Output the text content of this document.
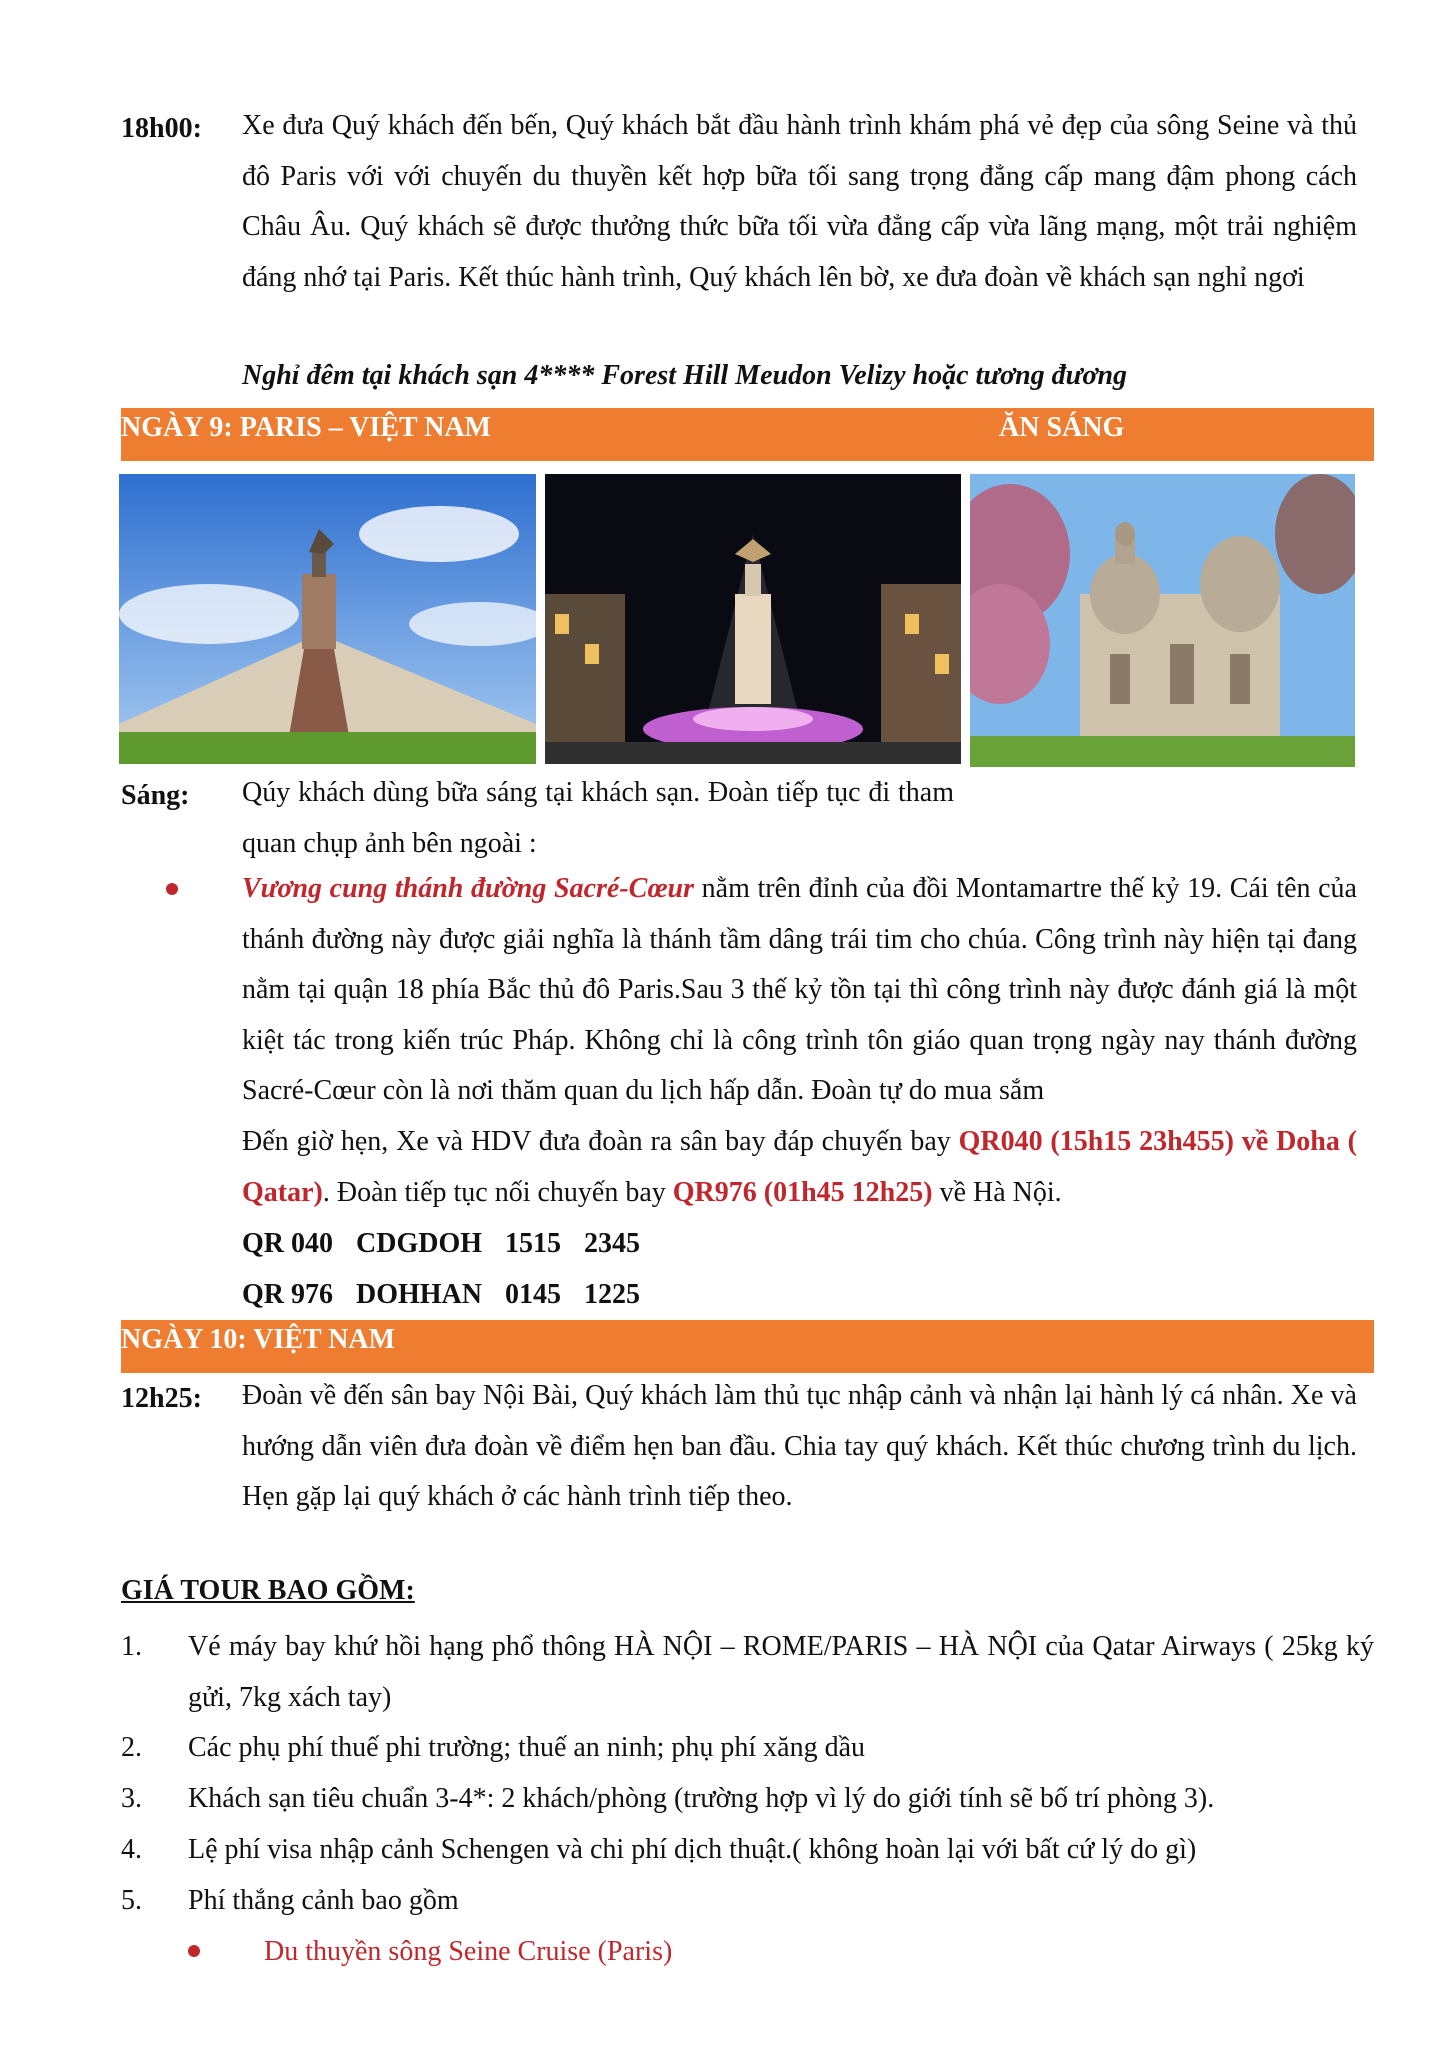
18h00: Xe đưa Quý khách đến bến, Quý khách bắt đầu hành trình khám phá vẻ đẹp của sông Seine và thủ đô Paris với với chuyến du thuyền kết hợp bữa tối sang trọng đẳng cấp mang đậm phong cách Châu Âu. Quý khách sẽ được thưởng thức bữa tối vừa đẳng cấp vừa lãng mạng, một trải nghiệm đáng nhớ tại Paris. Kết thúc hành trình, Quý khách lên bờ, xe đưa đoàn về khách sạn nghỉ ngơi
Nghỉ đêm tại khách sạn 4**** Forest Hill Meudon Velizy hoặc tương đương
NGÀY 9: PARIS – VIỆT NAM	ĂN SÁNG
Sáng: Qúy khách dùng bữa sáng tại khách sạn. Đoàn tiếp tục đi tham quan chụp ảnh bên ngoài :
Vương cung thánh đường Sacré-Cœur nằm trên đỉnh của đồi Montamartre thế kỷ 19. Cái tên của thánh đường này được giải nghĩa là thánh tầm dâng trái tim cho chúa. Công trình này hiện tại đang nằm tại quận 18 phía Bắc thủ đô Paris.Sau 3 thế kỷ tồn tại thì công trình này được đánh giá là một kiệt tác trong kiến trúc Pháp. Không chỉ là công trình tôn giáo quan trọng ngày nay thánh đường Sacré-Cœur còn là nơi thăm quan du lịch hấp dẫn. Đoàn tự do mua sắm
Đến giờ hẹn, Xe và HDV đưa đoàn ra sân bay đáp chuyến bay QR040 (15h15 23h455) về Doha ( Qatar). Đoàn tiếp tục nối chuyến bay QR976 (01h45 12h25) về Hà Nội.
QR 040 CDGDOH 1515 2345
QR 976 DOHHAN 0145 1225
NGÀY 10: VIỆT NAM
12h25: Đoàn về đến sân bay Nội Bài, Quý khách làm thủ tục nhập cảnh và nhận lại hành lý cá nhân. Xe và hướng dẫn viên đưa đoàn về điểm hẹn ban đầu. Chia tay quý khách. Kết thúc chương trình du lịch. Hẹn gặp lại quý khách ở các hành trình tiếp theo.
GIÁ TOUR BAO GỒM:
1. Vé máy bay khứ hồi hạng phổ thông HÀ NỘI – ROME/PARIS – HÀ NỘI của Qatar Airways ( 25kg ký gửi, 7kg xách tay)
2. Các phụ phí thuế phi trường; thuế an ninh; phụ phí xăng dầu
3. Khách sạn tiêu chuẩn 3-4*: 2 khách/phòng (trường hợp vì lý do giới tính sẽ bố trí phòng 3).
4. Lệ phí visa nhập cảnh Schengen và chi phí dịch thuật.( không hoàn lại với bất cứ lý do gì)
5. Phí thắng cảnh bao gồm
Du thuyền sông Seine Cruise (Paris)
